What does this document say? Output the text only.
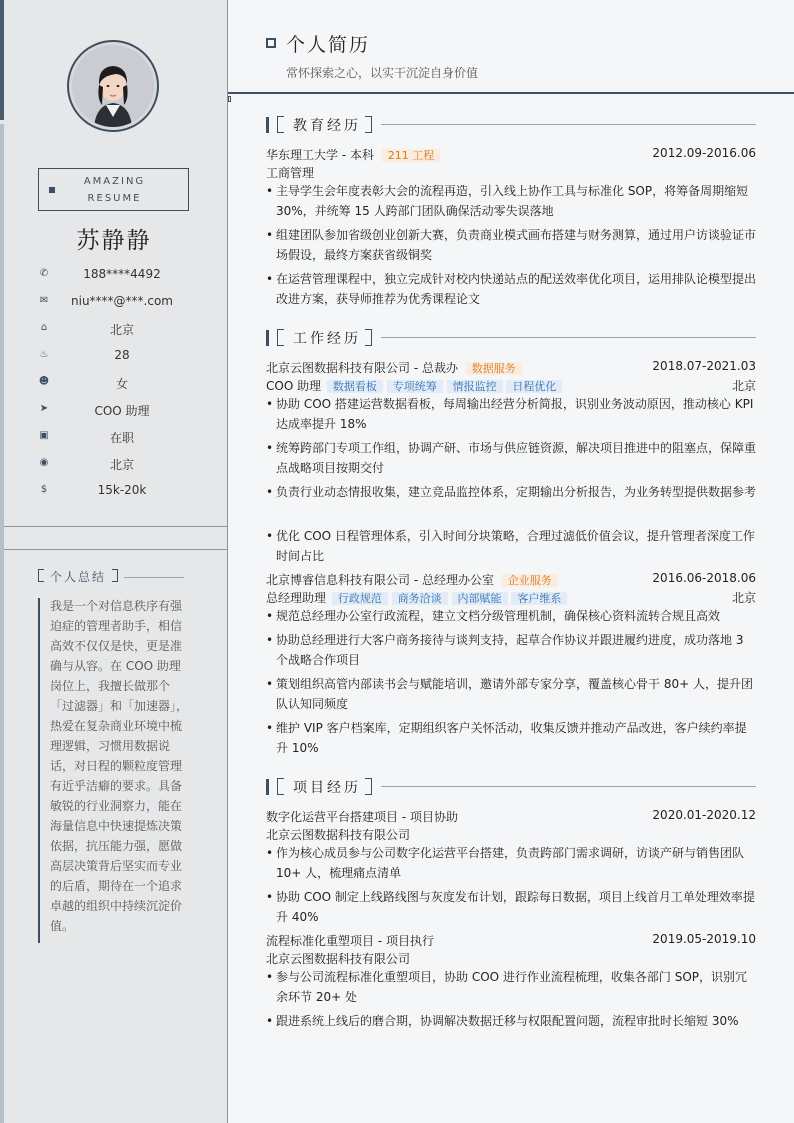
AMAZING
RESUME
苏静静
✆	188****4492
✉	niu****@***.com
⌂	北京
♨	28
☻	女
➤	COO 助理
▣	在职
◉	北京
$	15k-20k
个人总结
我是一个对信息秩序有强迫症的管理者助手，相信高效不仅仅是快，更是准确与从容。在 COO 助理岗位上，我擅长做那个「过滤器」和「加速器」，热爱在复杂商业环境中梳理逻辑，习惯用数据说话，对日程的颗粒度管理有近乎洁癖的要求。具备敏锐的行业洞察力，能在海量信息中快速提炼决策依据，抗压能力强，愿做高层决策背后坚实而专业的后盾，期待在一个追求卓越的组织中持续沉淀价值。
个人简历
常怀探索之心，以实干沉淀自身价值
教育经历
华东理工大学 - 本科 211 工程	2012.09-2016.06
工商管理
• 主导学生会年度表彰大会的流程再造，引入线上协作工具与标准化 SOP，将筹备周期缩短 30%，并统筹 15 人跨部门团队确保活动零失误落地
• 组建团队参加省级创业创新大赛，负责商业模式画布搭建与财务测算，通过用户访谈验证市场假设，最终方案获省级铜奖
• 在运营管理课程中，独立完成针对校内快递站点的配送效率优化项目，运用排队论模型提出改进方案，获导师推荐为优秀课程论文
工作经历
北京云图数据科技有限公司 - 总裁办 数据服务	2018.07-2021.03
COO 助理 数据看板 专项统筹 情报监控 日程优化	北京
• 协助 COO 搭建运营数据看板，每周输出经营分析简报，识别业务波动原因，推动核心 KPI 达成率提升 18%
• 统筹跨部门专项工作组，协调产研、市场与供应链资源，解决项目推进中的阻塞点，保障重点战略项目按期交付
• 负责行业动态情报收集，建立竞品监控体系，定期输出分析报告，为业务转型提供数据参考
• 优化 COO 日程管理体系，引入时间分块策略，合理过滤低价值会议，提升管理者深度工作时间占比
北京博睿信息科技有限公司 - 总经理办公室 企业服务	2016.06-2018.06
总经理助理 行政规范 商务洽谈 内部赋能 客户维系	北京
• 规范总经理办公室行政流程，建立文档分级管理机制，确保核心资料流转合规且高效
• 协助总经理进行大客户商务接待与谈判支持，起草合作协议并跟进履约进度，成功落地 3 个战略合作项目
• 策划组织高管内部读书会与赋能培训，邀请外部专家分享，覆盖核心骨干 80+ 人，提升团队认知同频度
• 维护 VIP 客户档案库，定期组织客户关怀活动，收集反馈并推动产品改进，客户续约率提升 10%
项目经历
数字化运营平台搭建项目 - 项目协助	2020.01-2020.12
北京云图数据科技有限公司
• 作为核心成员参与公司数字化运营平台搭建，负责跨部门需求调研，访谈产研与销售团队 10+ 人，梳理痛点清单
• 协助 COO 制定上线路线图与灰度发布计划，跟踪每日数据，项目上线首月工单处理效率提升 40%
流程标准化重塑项目 - 项目执行	2019.05-2019.10
北京云图数据科技有限公司
• 参与公司流程标准化重塑项目，协助 COO 进行作业流程梳理，收集各部门 SOP，识别冗余环节 20+ 处
• 跟进系统上线后的磨合期，协调解决数据迁移与权限配置问题，流程审批时长缩短 30%
